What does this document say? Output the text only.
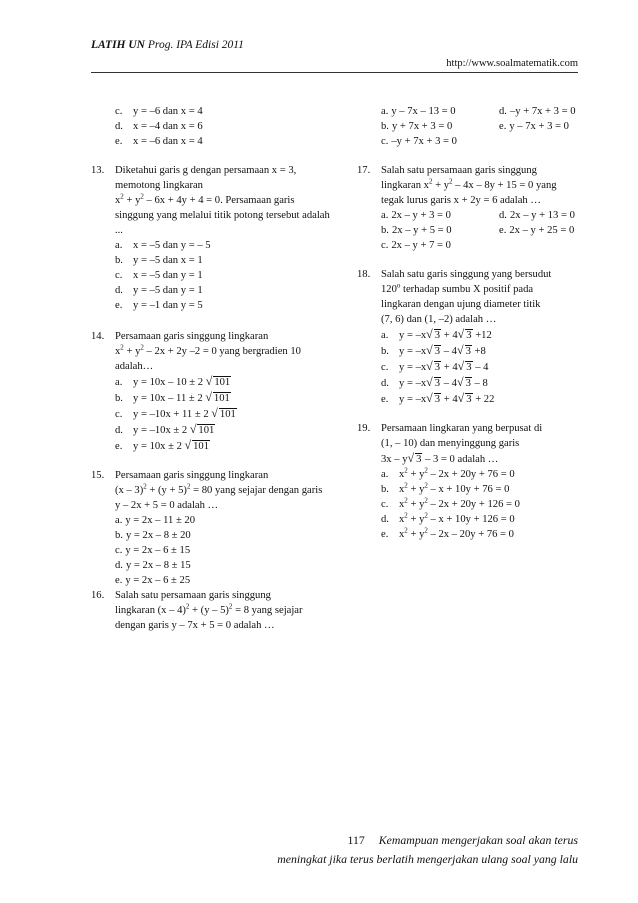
LATIH UN Prog. IPA Edisi 2011
http://www.soalmatematik.com
c. y = –6 dan x = 4
d. x = –4 dan x = 6
e. x = –6 dan x = 4
13. Diketahui garis g dengan persamaan x = 3, memotong lingkaran
$x^2 + y^2 - 6x + 4y + 4 = 0$. Persamaan garis singgung yang melalui titik potong tersebut adalah ...
a. x = –5 dan y = – 5
b. y = –5 dan x = 1
c. x = –5 dan y = 1
d. y = –5 dan y = 1
e. y = –1 dan y = 5
14. Persamaan garis singgung lingkaran
$x^2 + y^2 - 2x + 2y$ –2 = 0 yang bergradien 10 adalah…
a. y = 10x – 10 ± 2 √ 101
b. y = 10x – 11 ± 2 √ 101
c. y = –10x + 11 ± 2 √ 101
d. y = –10x ± 2 √ 101
e. y = 10x ± 2 √ 101
15. Persamaan garis singgung lingkaran
$(x - 3)^2 + (y + 5)^2 = 80$ yang sejajar dengan garis
y – 2x + 5 = 0 adalah …
a. y = 2x – 11 ± 20
b. y = 2x – 8 ± 20
c. y = 2x – 6 ± 15
d. y = 2x – 8 ± 15
e. y = 2x – 6 ± 25
16. Salah satu persamaan garis singgung
lingkaran (x – 4)$^2$ + (y – 5)$^2$ = 8 yang sejajar
dengan garis y – 7x + 5 = 0 adalah …
a. y – 7x – 13 = 0	d. –y + 7x + 3 = 0
b. y + 7x + 3 = 0	e. y – 7x + 3 = 0
c. –y + 7x + 3 = 0
17. Salah satu persamaan garis singgung
lingkaran $x^2 + y^2 - 4x - 8y + 15 = 0$ yang
tegak lurus garis x + 2y = 6 adalah …
a. 2x – y + 3 = 0	d. 2x – y + 13 = 0
b. 2x – y + 5 = 0	e. 2x – y + 25 = 0
c. 2x – y + 7 = 0
18. Salah satu garis singgung yang bersudut
120$^o$ terhadap sumbu X positif pada
lingkaran dengan ujung diameter titik
(7, 6) dan (1, –2) adalah …
a. y = –x√ 3 + 4√ 3 +12
b. y = –x√ 3 – 4√ 3 +8
c. y = –x√ 3 + 4√ 3 – 4
d. y = –x√ 3 – 4√ 3 – 8
e. y = –x√ 3 + 4√ 3 + 22
19. Persamaan lingkaran yang berpusat di
(1, – 10) dan menyinggung garis
3x – y√ 3 – 3 = 0 adalah …
a. $x^2 + y^2 - 2x + 20y + 76 = 0$
b. $x^2 + y^2 - x + 10y + 76 = 0$
c. $x^2 + y^2 - 2x + 20y + 126 = 0$
d. $x^2 + y^2 - x + 10y + 126 = 0$
e. $x^2 + y^2 - 2x - 20y + 76 = 0$
117 Kemampuan mengerjakan soal akan terus
meningkat jika terus berlatih mengerjakan ulang soal yang lalu
